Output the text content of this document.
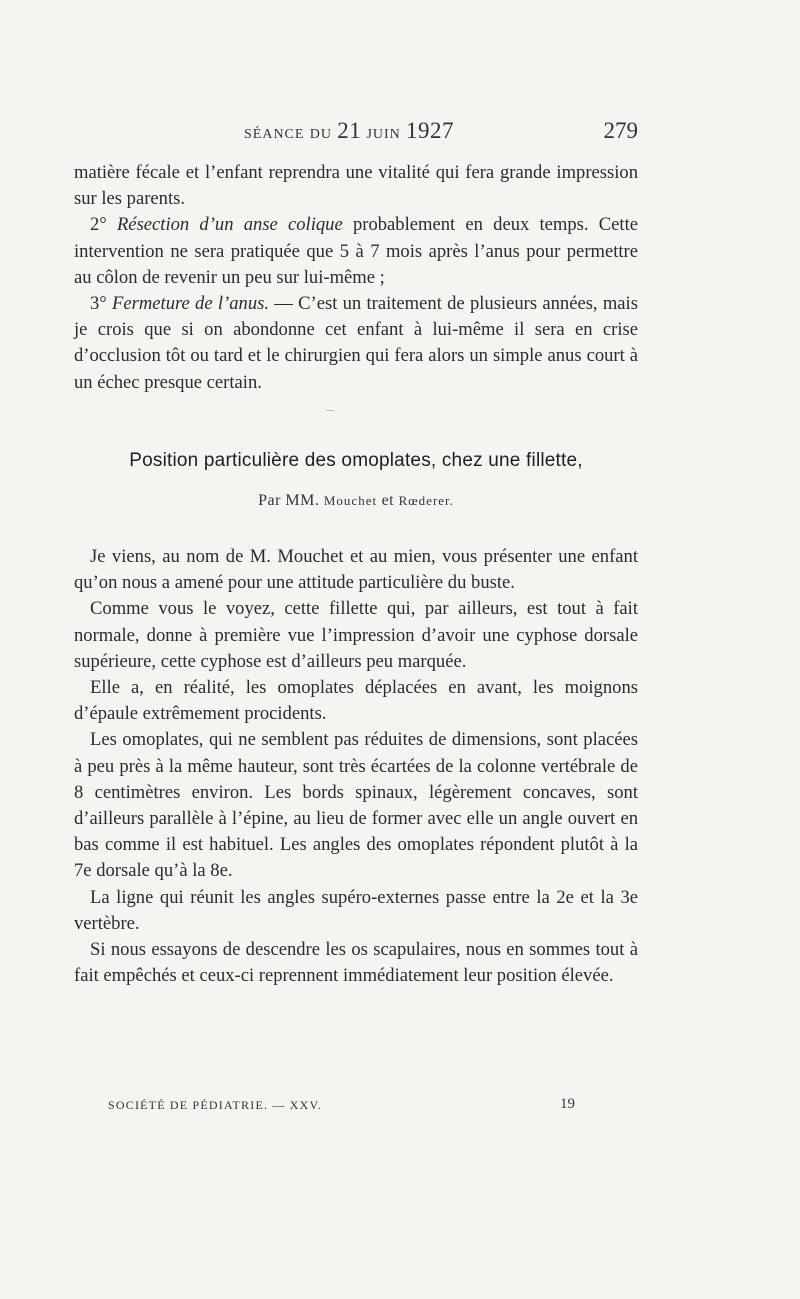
SÉANCE DU 21 JUIN 1927	279

matière fécale et l’enfant reprendra une vitalité qui fera grande impression sur les parents.

2° Résection d’un anse colique probablement en deux temps. Cette intervention ne sera pratiquée que 5 à 7 mois après l’anus pour permettre au côlon de revenir un peu sur lui-même ;

3° Fermeture de l’anus. — C’est un traitement de plusieurs années, mais je crois que si on abondonne cet enfant à lui-même il sera en crise d’occlusion tôt ou tard et le chirurgien qui fera alors un simple anus court à un échec presque certain.

Position particulière des omoplates, chez une fillette,
Par MM. Mouchet et Rœderer.

Je viens, au nom de M. Mouchet et au mien, vous présenter une enfant qu’on nous a amené pour une attitude particulière du buste.

Comme vous le voyez, cette fillette qui, par ailleurs, est tout à fait normale, donne à première vue l’impression d’avoir une cyphose dorsale supérieure, cette cyphose est d’ailleurs peu marquée.

Elle a, en réalité, les omoplates déplacées en avant, les moignons d’épaule extrêmement procidents.

Les omoplates, qui ne semblent pas réduites de dimensions, sont placées à peu près à la même hauteur, sont très écartées de la colonne vertébrale de 8 centimètres environ. Les bords spinaux, légèrement concaves, sont d’ailleurs parallèle à l’épine, au lieu de former avec elle un angle ouvert en bas comme il est habituel. Les angles des omoplates répondent plutôt à la 7e dorsale qu’à la 8e.

La ligne qui réunit les angles supéro-externes passe entre la 2e et la 3e vertèbre.

Si nous essayons de descendre les os scapulaires, nous en sommes tout à fait empêchés et ceux-ci reprennent immédiatement leur position élevée.

SOCIÉTÉ DE PÉDIATRIE. — XXV.	19
